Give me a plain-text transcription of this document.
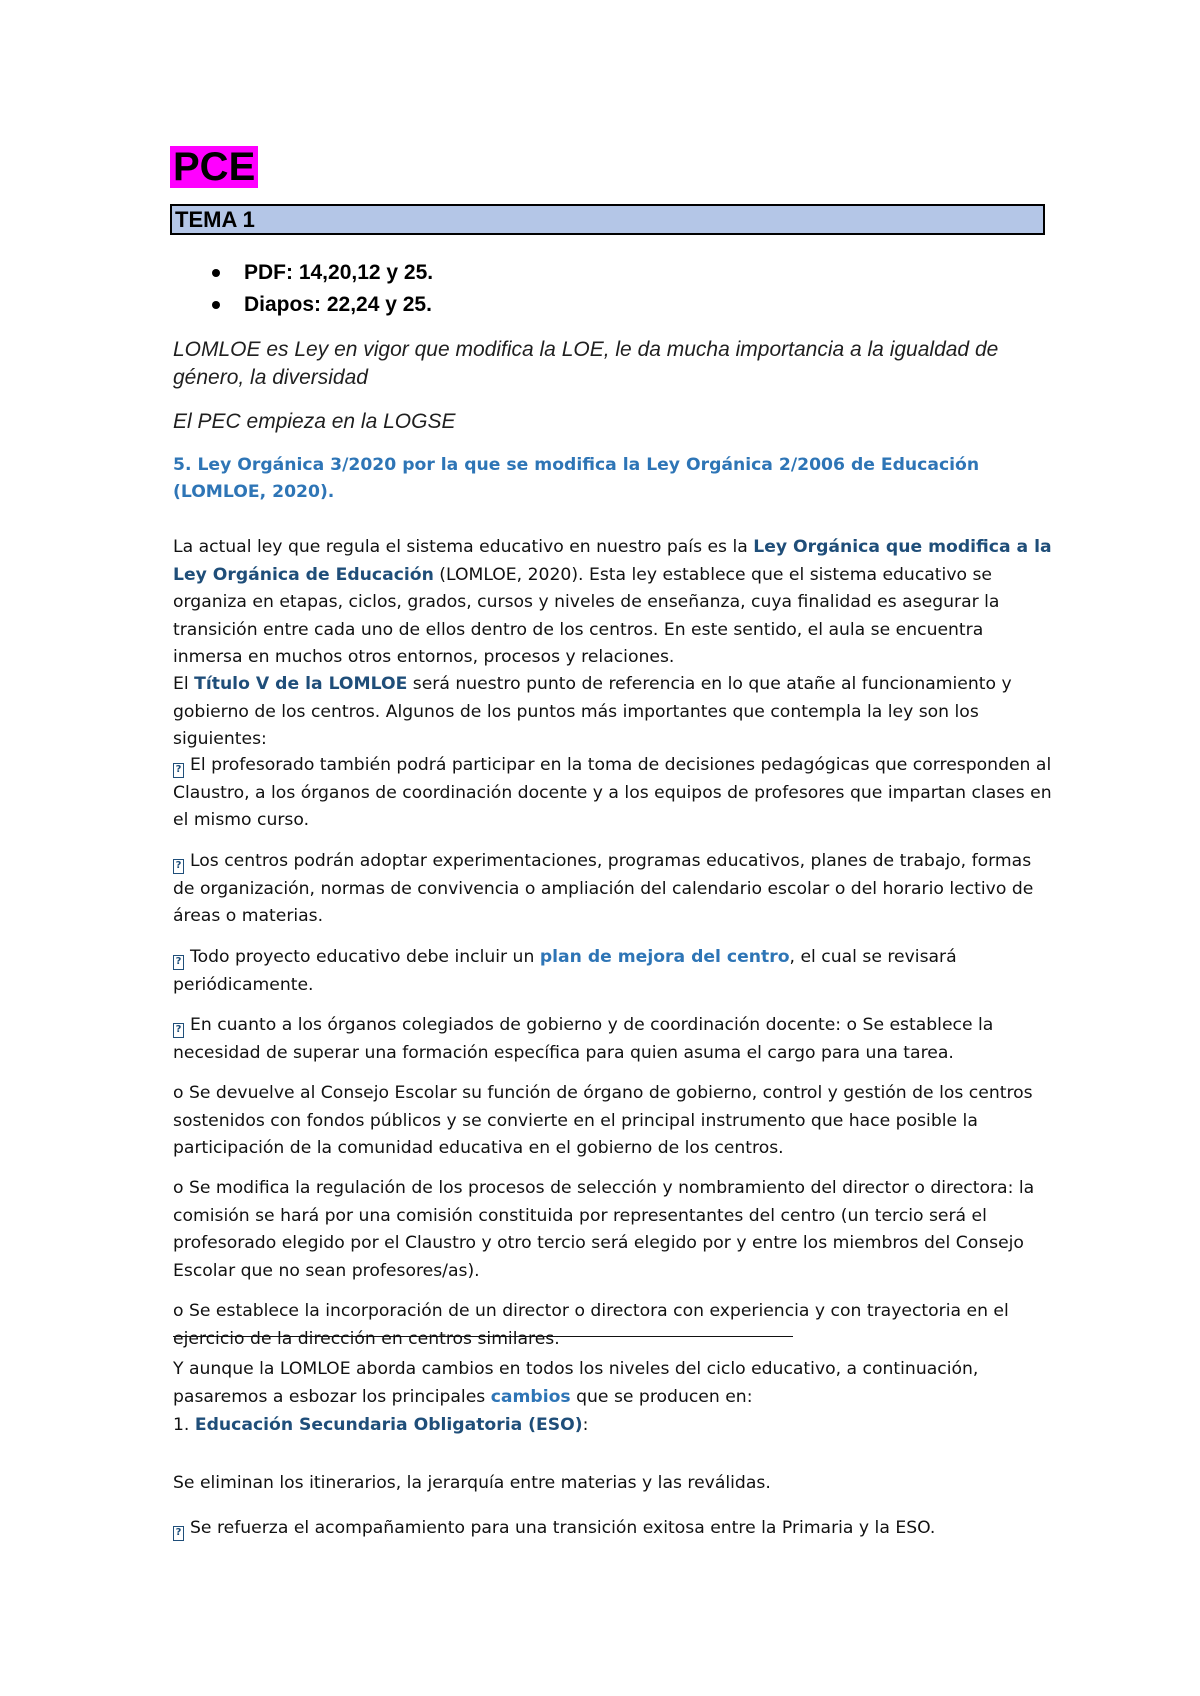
PCE
TEMA 1
PDF: 14,20,12 y 25.
Diapos: 22,24 y 25.
LOMLOE es Ley en vigor que modifica la LOE, le da mucha importancia a la igualdad de género, la diversidad
El PEC empieza en la LOGSE
5. Ley Orgánica 3/2020 por la que se modifica la Ley Orgánica 2/2006 de Educación (LOMLOE, 2020).
La actual ley que regula el sistema educativo en nuestro país es la Ley Orgánica que modifica a la Ley Orgánica de Educación (LOMLOE, 2020). Esta ley establece que el sistema educativo se organiza en etapas, ciclos, grados, cursos y niveles de enseñanza, cuya finalidad es asegurar la transición entre cada uno de ellos dentro de los centros. En este sentido, el aula se encuentra inmersa en muchos otros entornos, procesos y relaciones.
El Título V de la LOMLOE será nuestro punto de referencia en lo que atañe al funcionamiento y gobierno de los centros. Algunos de los puntos más importantes que contempla la ley son los siguientes:
? El profesorado también podrá participar en la toma de decisiones pedagógicas que corresponden al Claustro, a los órganos de coordinación docente y a los equipos de profesores que impartan clases en el mismo curso.
? Los centros podrán adoptar experimentaciones, programas educativos, planes de trabajo, formas de organización, normas de convivencia o ampliación del calendario escolar o del horario lectivo de áreas o materias.
? Todo proyecto educativo debe incluir un plan de mejora del centro, el cual se revisará periódicamente.
? En cuanto a los órganos colegiados de gobierno y de coordinación docente: o Se establece la necesidad de superar una formación específica para quien asuma el cargo para una tarea.
o Se devuelve al Consejo Escolar su función de órgano de gobierno, control y gestión de los centros sostenidos con fondos públicos y se convierte en el principal instrumento que hace posible la participación de la comunidad educativa en el gobierno de los centros.
o Se modifica la regulación de los procesos de selección y nombramiento del director o directora: la comisión se hará por una comisión constituida por representantes del centro (un tercio será el profesorado elegido por el Claustro y otro tercio será elegido por y entre los miembros del Consejo Escolar que no sean profesores/as).
o Se establece la incorporación de un director o directora con experiencia y con trayectoria en el ejercicio de la dirección en centros similares.
Y aunque la LOMLOE aborda cambios en todos los niveles del ciclo educativo, a continuación, pasaremos a esbozar los principales cambios que se producen en:
1. Educación Secundaria Obligatoria (ESO):
Se eliminan los itinerarios, la jerarquía entre materias y las reválidas.
? Se refuerza el acompañamiento para una transición exitosa entre la Primaria y la ESO.
